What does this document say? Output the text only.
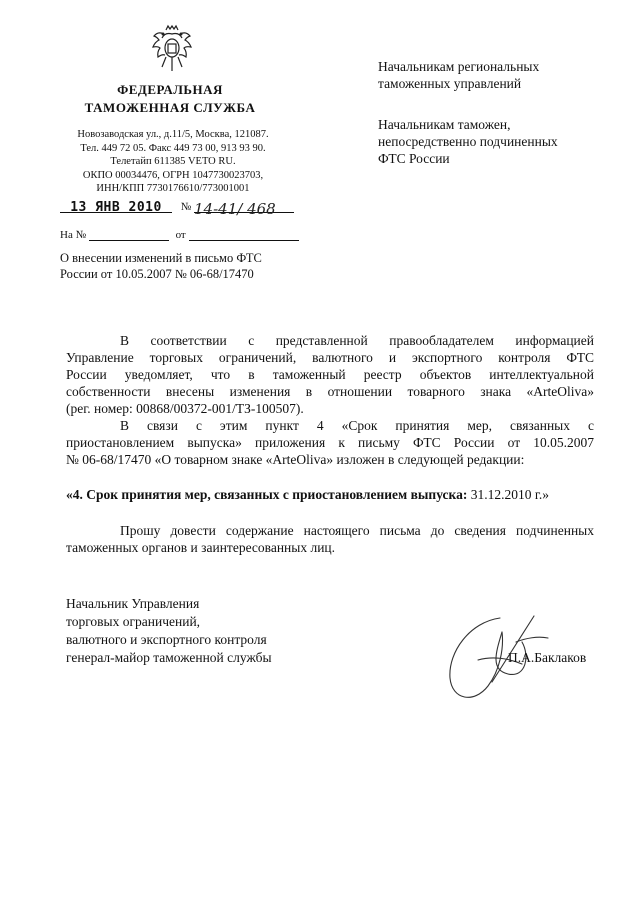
ФЕДЕРАЛЬНАЯ
ТАМОЖЕННАЯ СЛУЖБА
Новозаводская ул., д.11/5, Москва, 121087.
Тел. 449 72 05. Факс 449 73 00, 913 93 90.
Телетайп 611385 VETO RU.
ОКПО 00034476, ОГРН 1047730023703,
ИНН/КПП 7730176610/773001001
13 ЯНВ 2010 № 14-41/ 468
На №	от
О внесении изменений в письмо ФТС
России от 10.05.2007 № 06-68/17470
Начальникам региональных
таможенных управлений
Начальникам таможен,
непосредственно подчиненных
ФТС России
В соответствии с представленной правообладателем информацией
Управление торговых ограничений, валютного и экспортного контроля ФТС
России уведомляет, что в таможенный реестр объектов интеллектуальной
собственности внесены изменения в отношении товарного знака «ArteOliva»
(рег. номер: 00868/00372-001/ТЗ-100507).
В связи с этим пункт 4 «Срок принятия мер, связанных с
приостановлением выпуска» приложения к письму ФТС России от 10.05.2007
№ 06-68/17470 «О товарном знаке «ArteOliva» изложен в следующей редакции:
«4. Срок принятия мер, связанных с приостановлением выпуска: 31.12.2010 г.»
Прошу довести содержание настоящего письма до сведения подчиненных
таможенных органов и заинтересованных лиц.
Начальник Управления
торговых ограничений,
валютного и экспортного контроля
генерал-майор таможенной службы	П.А.Баклаков
